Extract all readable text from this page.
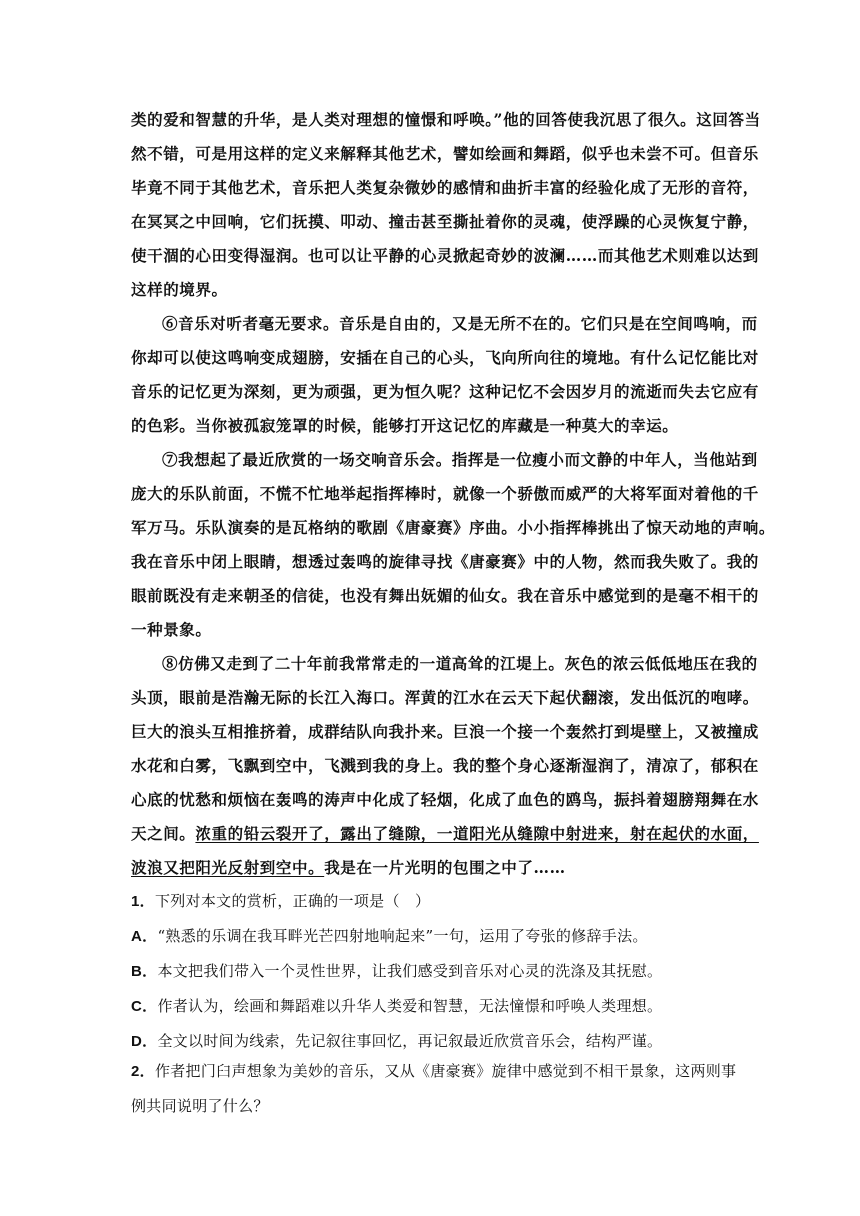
类的爱和智慧的升华，是人类对理想的憧憬和呼唤。”他的回答使我沉思了很久。这回答当
然不错，可是用这样的定义来解释其他艺术，譬如绘画和舞蹈，似乎也未尝不可。但音乐
毕竟不同于其他艺术，音乐把人类复杂微妙的感情和曲折丰富的经验化成了无形的音符，
在冥冥之中回响，它们抚摸、叩动、撞击甚至撕扯着你的灵魂，使浮躁的心灵恢复宁静，
使干涸的心田变得湿润。也可以让平静的心灵掀起奇妙的波澜……而其他艺术则难以达到
这样的境界。
⑥音乐对听者毫无要求。音乐是自由的，又是无所不在的。它们只是在空间鸣响，而
你却可以使这鸣响变成翅膀，安插在自己的心头，飞向所向往的境地。有什么记忆能比对
音乐的记忆更为深刻，更为顽强，更为恒久呢？这种记忆不会因岁月的流逝而失去它应有
的色彩。当你被孤寂笼罩的时候，能够打开这记忆的库藏是一种莫大的幸运。
⑦我想起了最近欣赏的一场交响音乐会。指挥是一位瘦小而文静的中年人，当他站到
庞大的乐队前面，不慌不忙地举起指挥棒时，就像一个骄傲而威严的大将军面对着他的千
军万马。乐队演奏的是瓦格纳的歌剧《唐豪赛》序曲。小小指挥棒挑出了惊天动地的声响。
我在音乐中闭上眼睛，想透过轰鸣的旋律寻找《唐豪赛》中的人物，然而我失败了。我的
眼前既没有走来朝圣的信徒，也没有舞出妩媚的仙女。我在音乐中感觉到的是毫不相干的
一种景象。
⑧仿佛又走到了二十年前我常常走的一道高耸的江堤上。灰色的浓云低低地压在我的
头顶，眼前是浩瀚无际的长江入海口。浑黄的江水在云天下起伏翻滚，发出低沉的咆哮。
巨大的浪头互相推挤着，成群结队向我扑来。巨浪一个接一个轰然打到堤壁上，又被撞成
水花和白雾，飞飘到空中，飞溅到我的身上。我的整个身心逐渐湿润了，清凉了，郁积在
心底的忧愁和烦恼在轰鸣的涛声中化成了轻烟，化成了血色的鸥鸟，振抖着翅膀翔舞在水
天之间。浓重的铅云裂开了，露出了缝隙，一道阳光从缝隙中射进来，射在起伏的水面，
波浪又把阳光反射到空中。我是在一片光明的包围之中了……
1．下列对本文的赏析，正确的一项是（　）
A．“熟悉的乐调在我耳畔光芒四射地响起来”一句，运用了夸张的修辞手法。
B．本文把我们带入一个灵性世界，让我们感受到音乐对心灵的洗涤及其抚慰。
C．作者认为，绘画和舞蹈难以升华人类爱和智慧，无法憧憬和呼唤人类理想。
D．全文以时间为线索，先记叙往事回忆，再记叙最近欣赏音乐会，结构严谨。
2．作者把门臼声想象为美妙的音乐，又从《唐豪赛》旋律中感觉到不相干景象，这两则事
例共同说明了什么？
